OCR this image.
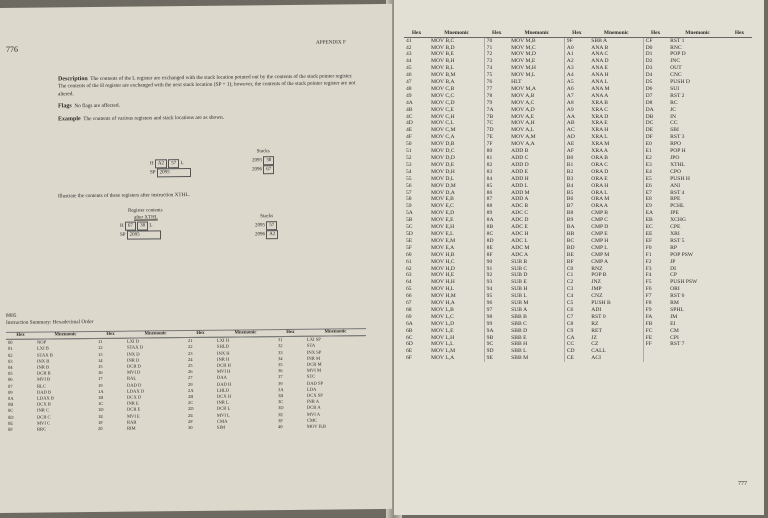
776
APPENDIX F
Description The contents of the L register are exchanged with the stack location pointed out by the contents of the stack pointer register. The contents of the H register are exchanged with the next stack location (SP + 1); however, the contents of the stack pointer register are not altered.
Flags No flags are affected.
Example The contents of various registers and stack locations are as shown.
H A2 57 L
SP 2095
Stacks
2095 38
2096 67
Illustrate the contents of these registers after instruction XTHL.
Register contents
after XTHL
H 67 38 L
SP 2095
Stacks
2095 57
2096 A2
8085
Instruction Summary: Hexadecimal Order
Hex	Mnemonic	Hex	Mnemonic	Hex	Mnemonic	Hex	Mnemonic
00	NOP	11	LXI D	21	LXI H	31	LXI SP
01	LXI B	12	STAX D	22	SHLD	32	STA
02	STAX B	13	INX D	23	INX H	33	INX SP
03	INX B	14	INR D	24	INR H	34	INR M
04	INR B	15	DCR D	25	DCR H	35	DCR M
05	DCR B	16	MVI D	26	MVI H	36	MVI M
06	MVI B	17	RAL	27	DAA	37	STC
07	RLC	19	DAD D	29	DAD H	39	DAD SP
09	DAD B	1A	LDAX D	2A	LHLD	3A	LDA
0A	LDAX B	1B	DCX D	2B	DCX H	3B	DCX SP
0B	DCX B	1C	INR E	2C	INR L	3C	INR A
0C	INR C	1D	DCR E	2D	DCR L	3D	DCR A
0D	DCR C	1E	MVI E	2E	MVI L	3E	MVI A
0E	MVI C	1F	RAR	2F	CMA	3F	CMC
0F	RRC	20	RIM	30	SIM	40	MOV B,B
Hex	Mnemonic	Hex	Mnemonic	Hex	Mnemonic	Hex	Mnemonic	Hex
41	MOV B,C	70	MOV M,B	9F	SBB A	CF	RST 1	
42	MOV B,D	71	MOV M,C	A0	ANA B	D0	RNC	
43	MOV B,E	72	MOV M,D	A1	ANA C	D1	POP D	
44	MOV B,H	73	MOV M,E	A2	ANA D	D2	JNC	
45	MOV B,L	74	MOV M,H	A3	ANA E	D3	OUT	
46	MOV B,M	75	MOV M,L	A4	ANA H	D4	CNC	
47	MOV B,A	76	HLT	A5	ANA L	D5	PUSH D	
48	MOV C,B	77	MOV M,A	A6	ANA M	D6	SUI	
49	MOV C,C	78	MOV A,B	A7	ANA A	D7	RST 2	
4A	MOV C,D	79	MOV A,C	A8	XRA B	D8	RC	
4B	MOV C,E	7A	MOV A,D	A9	XRA C	DA	JC	
4C	MOV C,H	7B	MOV A,E	AA	XRA D	DB	IN	
4D	MOV C,L	7C	MOV A,H	AB	XRA E	DC	CC	
4E	MOV C,M	7D	MOV A,L	AC	XRA H	DE	SBI	
4F	MOV C,A	7E	MOV A,M	AD	XRA L	DF	RST 3	
50	MOV D,B	7F	MOV A,A	AE	XRA M	E0	RPO	
51	MOV D,C	80	ADD B	AF	XRA A	E1	POP H	
52	MOV D,D	81	ADD C	B0	ORA B	E2	JPO	
53	MOV D,E	82	ADD D	B1	ORA C	E3	XTHL	
54	MOV D,H	83	ADD E	B2	ORA D	E4	CPO	
55	MOV D,L	84	ADD H	B3	ORA E	E5	PUSH H	
56	MOV D,M	85	ADD L	B4	ORA H	E6	ANI	
57	MOV D,A	86	ADD M	B5	ORA L	E7	RST 4	
58	MOV E,B	87	ADD A	B6	ORA M	E8	RPE	
59	MOV E,C	88	ADC B	B7	ORA A	E9	PCHL	
5A	MOV E,D	89	ADC C	B8	CMP B	EA	JPE	
5B	MOV E,E	8A	ADC D	B9	CMP C	EB	XCHG	
5C	MOV E,H	8B	ADC E	BA	CMP D	EC	CPE	
5D	MOV E,L	8C	ADC H	BB	CMP E	EE	XRI	
5E	MOV E,M	8D	ADC L	BC	CMP H	EF	RST 5	
5F	MOV E,A	8E	ADC M	BD	CMP L	F0	RP	
60	MOV H,B	8F	ADC A	BE	CMP M	F1	POP PSW	
61	MOV H,C	90	SUB B	BF	CMP A	F2	JP	
62	MOV H,D	91	SUB C	C0	RNZ	F3	DI	
63	MOV H,E	92	SUB D	C1	POP B	F4	CP	
64	MOV H,H	93	SUB E	C2	JNZ	F5	PUSH PSW	
65	MOV H,L	94	SUB H	C3	JMP	F6	ORI	
66	MOV H,M	95	SUB L	C4	CNZ	F7	RST 6	
67	MOV H,A	96	SUB M	C5	PUSH B	F8	RM	
68	MOV L,B	97	SUB A	C6	ADI	F9	SPHL	
69	MOV L,C	98	SBB B	C7	RST 0	FA	JM	
6A	MOV L,D	99	SBB C	C8	RZ	FB	EI	
6B	MOV L,E	9A	SBB D	C9	RET	FC	CM	
6C	MOV L,H	9B	SBB E	CA	JZ	FE	CPI	
6D	MOV L,L	9C	SBB H	CC	CZ	FF	RST 7	
6E	MOV L,M	9D	SBB L	CD	CALL			
6F	MOV L,A	9E	SBB M	CE	ACI			
777
